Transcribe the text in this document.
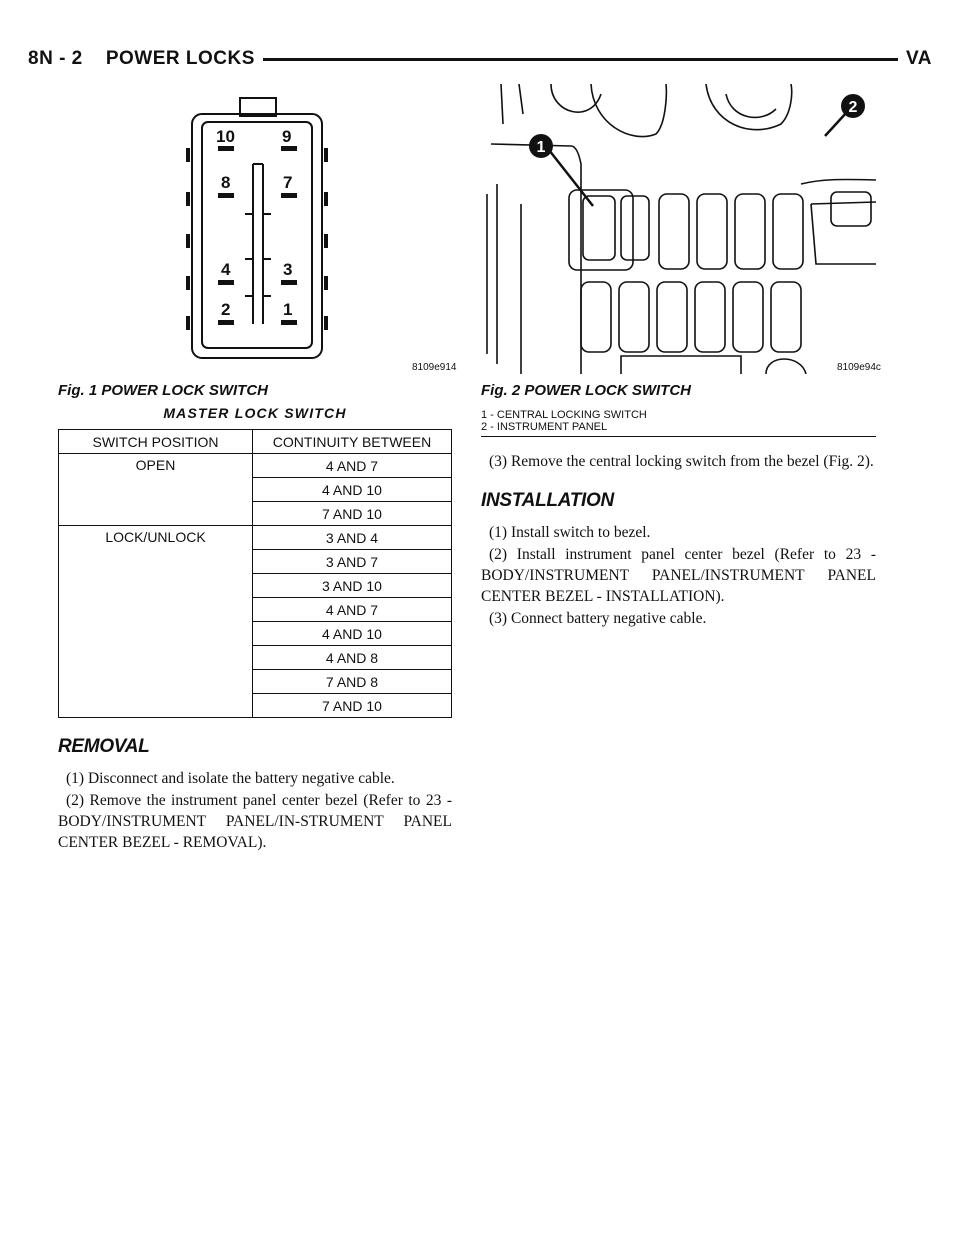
8N - 2    POWER LOCKS	VA
10	9
8	7
4	3
2	1
8109e914
Fig. 1 POWER LOCK SWITCH
MASTER LOCK SWITCH
SWITCH POSITION	CONTINUITY BETWEEN
OPEN	4 AND 7
	4 AND 10
	7 AND 10
LOCK/UNLOCK	3 AND 4
	3 AND 7
	3 AND 10
	4 AND 7
	4 AND 10
	4 AND 8
	7 AND 8
	7 AND 10
REMOVAL

(1) Disconnect and isolate the battery negative cable.

(2) Remove the instrument panel center bezel (Refer to 23 - BODY/INSTRUMENT PANEL/IN-STRUMENT PANEL CENTER BEZEL - REMOVAL).

1
2
8109e94c
Fig. 2 POWER LOCK SWITCH
1 - CENTRAL LOCKING SWITCH
2 - INSTRUMENT PANEL

(3) Remove the central locking switch from the bezel (Fig. 2).

INSTALLATION

(1) Install switch to bezel.

(2) Install instrument panel center bezel (Refer to 23 - BODY/INSTRUMENT PANEL/INSTRUMENT PANEL CENTER BEZEL - INSTALLATION).

(3) Connect battery negative cable.
